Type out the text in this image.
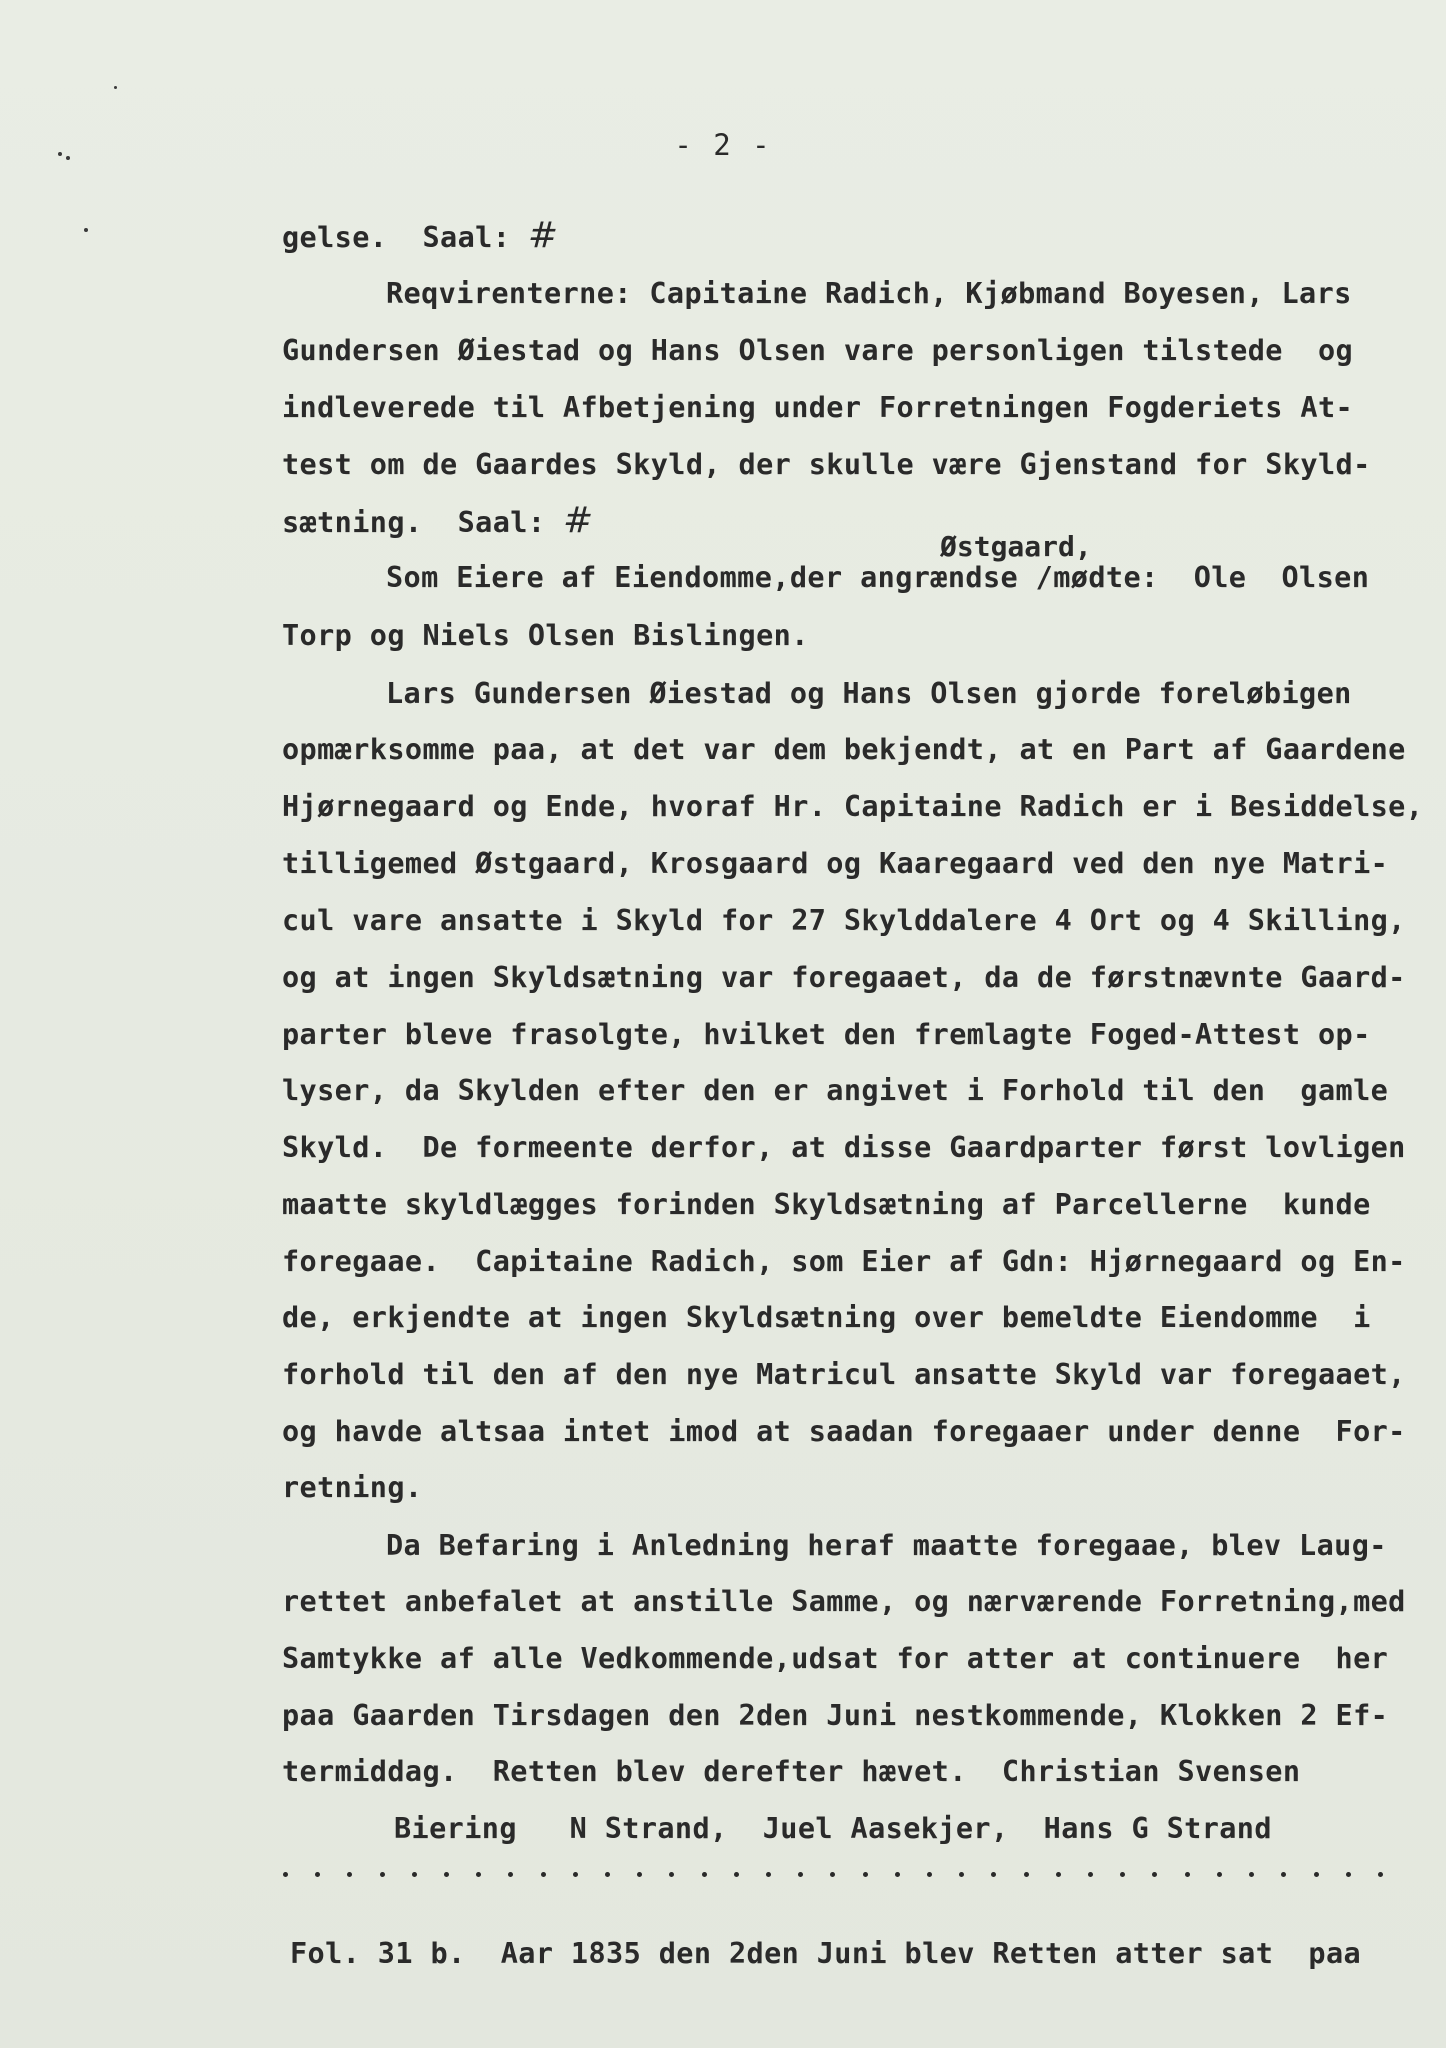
- 2 -
gelse.  Saal: #
Reqvirenterne: Capitaine Radich, Kjøbmand Boyesen, Lars
Gundersen Øiestad og Hans Olsen vare personligen tilstede  og
indleverede til Afbetjening under Forretningen Fogderiets At-
test om de Gaardes Skyld, der skulle være Gjenstand for Skyld-
sætning.  Saal: #
Østgaard,
Som Eiere af Eiendomme,der angrændse /mødte:  Ole  Olsen
Torp og Niels Olsen Bislingen.
Lars Gundersen Øiestad og Hans Olsen gjorde foreløbigen
opmærksomme paa, at det var dem bekjendt, at en Part af Gaardene
Hjørnegaard og Ende, hvoraf Hr. Capitaine Radich er i Besiddelse,
tilligemed Østgaard, Krosgaard og Kaaregaard ved den nye Matri-
cul vare ansatte i Skyld for 27 Skylddalere 4 Ort og 4 Skilling,
og at ingen Skyldsætning var foregaaet, da de førstnævnte Gaard-
parter bleve frasolgte, hvilket den fremlagte Foged-Attest op-
lyser, da Skylden efter den er angivet i Forhold til den  gamle
Skyld.  De formeente derfor, at disse Gaardparter først lovligen
maatte skyldlægges forinden Skyldsætning af Parcellerne  kunde
foregaae.  Capitaine Radich, som Eier af Gdn: Hjørnegaard og En-
de, erkjendte at ingen Skyldsætning over bemeldte Eiendomme  i
forhold til den af den nye Matricul ansatte Skyld var foregaaet,
og havde altsaa intet imod at saadan foregaaer under denne  For-
retning.
Da Befaring i Anledning heraf maatte foregaae, blev Laug-
rettet anbefalet at anstille Samme, og nærværende Forretning,med
Samtykke af alle Vedkommende,udsat for atter at continuere  her
paa Gaarden Tirsdagen den 2den Juni nestkommende, Klokken 2 Ef-
termiddag.  Retten blev derefter hævet.  Christian Svensen
Biering   N Strand,  Juel Aasekjer,  Hans G Strand
Fol. 31 b.  Aar 1835 den 2den Juni blev Retten atter sat  paa
